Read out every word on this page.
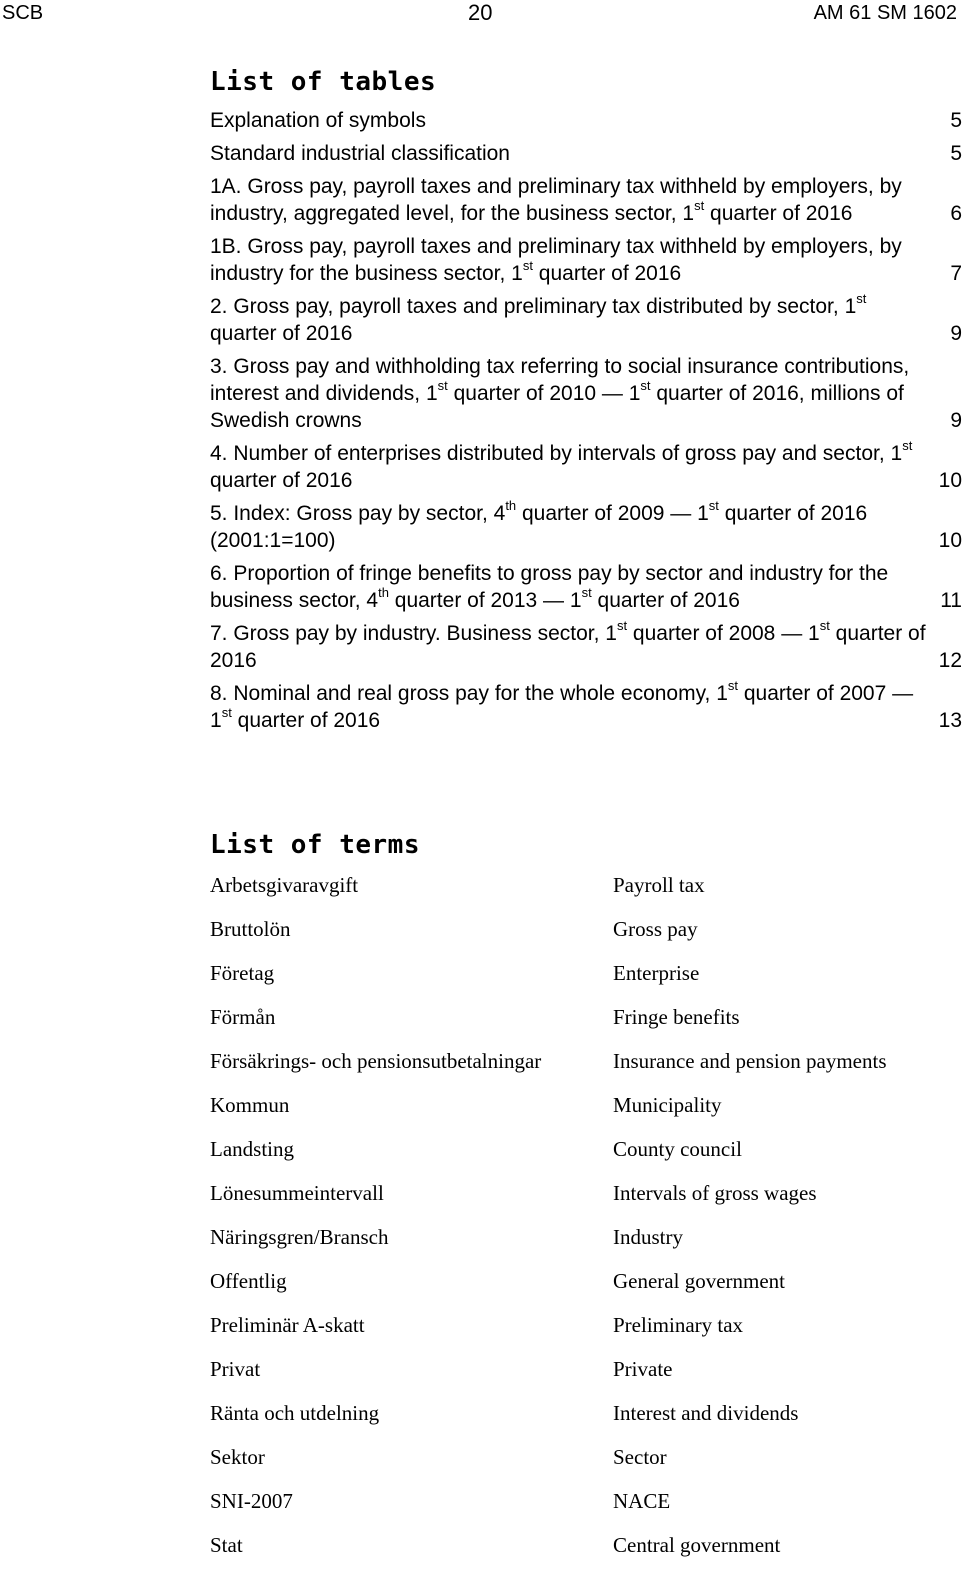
SCB	20	AM 61 SM 1602
List of tables
Explanation of symbols	5
Standard industrial classification	5
1A. Gross pay, payroll taxes and preliminary tax withheld by employers, by industry, aggregated level, for the business sector, 1st quarter of 2016	6
1B. Gross pay, payroll taxes and preliminary tax withheld by employers, by industry for the business sector, 1st quarter of 2016	7
2. Gross pay, payroll taxes and preliminary tax distributed by sector, 1st quarter of 2016	9
3. Gross pay and withholding tax referring to social insurance contributions, interest and dividends, 1st quarter of 2010 — 1st quarter of 2016, millions of Swedish crowns	9
4. Number of enterprises distributed by intervals of gross pay and sector, 1st quarter of 2016	10
5. Index: Gross pay by sector, 4th quarter of 2009 — 1st quarter of 2016 (2001:1=100)	10
6. Proportion of fringe benefits to gross pay by sector and industry for the business sector, 4th quarter of 2013 — 1st quarter of 2016	11
7. Gross pay by industry. Business sector, 1st quarter of 2008 — 1st quarter of 2016	12
8. Nominal and real gross pay for the whole economy, 1st quarter of 2007 — 1st quarter of 2016	13
List of terms
Arbetsgivaravgift	Payroll tax
Bruttolön	Gross pay
Företag	Enterprise
Förmån	Fringe benefits
Försäkrings- och pensionsutbetalningar	Insurance and pension payments
Kommun	Municipality
Landsting	County council
Lönesummeintervall	Intervals of gross wages
Näringsgren/Bransch	Industry
Offentlig	General government
Preliminär A-skatt	Preliminary tax
Privat	Private
Ränta och utdelning	Interest and dividends
Sektor	Sector
SNI-2007	NACE
Stat	Central government
